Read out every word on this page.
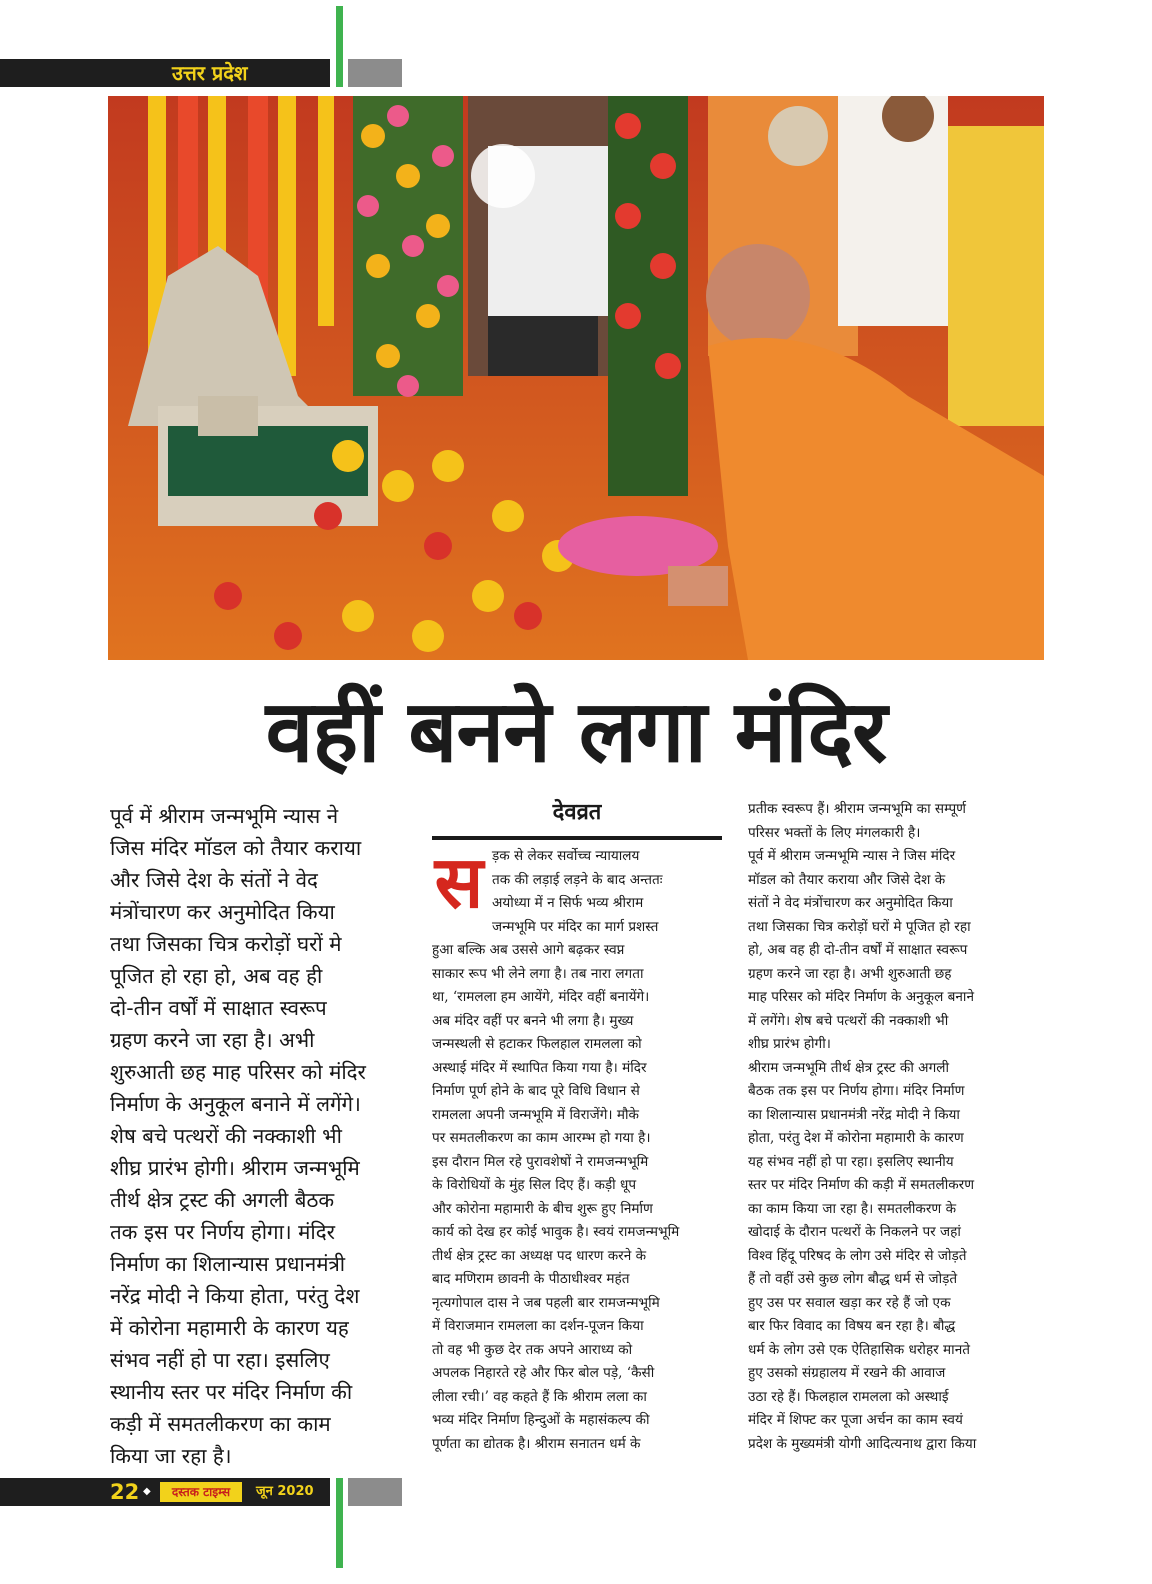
उत्तर प्रदेश
वहीं बनने लगा मंदिर
पूर्व में श्रीराम जन्मभूमि न्यास ने
जिस मंदिर मॉडल को तैयार कराया
और जिसे देश के संतों ने वेद
मंत्रोंचारण कर अनुमोदित किया
तथा जिसका चित्र करोड़ों घरों मे
पूजित हो रहा हो, अब वह ही
दो-तीन वर्षों में साक्षात स्वरूप
ग्रहण करने जा रहा है। अभी
शुरुआती छह माह परिसर को मंदिर
निर्माण के अनुकूल बनाने में लगेंगे।
शेष बचे पत्थरों की नक्काशी भी
शीघ्र प्रारंभ होगी। श्रीराम जन्मभूमि
तीर्थ क्षेत्र ट्रस्ट की अगली बैठक
तक इस पर निर्णय होगा। मंदिर
निर्माण का शिलान्यास प्रधानमंत्री
नरेंद्र मोदी ने किया होता, परंतु देश
में कोरोना महामारी के कारण यह
संभव नहीं हो पा रहा। इसलिए
स्थानीय स्तर पर मंदिर निर्माण की
कड़ी में समतलीकरण का काम
किया जा रहा है।
देवव्रत
स ड़क से लेकर सर्वोच्च न्यायालय
तक की लड़ाई लड़ने के बाद अन्ततः
अयोध्या में न सिर्फ भव्य श्रीराम
जन्मभूमि पर मंदिर का मार्ग प्रशस्त
हुआ बल्कि अब उससे आगे बढ़कर स्वप्न
साकार रूप भी लेने लगा है। तब नारा लगता
था, ‘रामलला हम आयेंगे, मंदिर वहीं बनायेंगे।
अब मंदिर वहीं पर बनने भी लगा है। मुख्य
जन्मस्थली से हटाकर फिलहाल रामलला को
अस्थाई मंदिर में स्थापित किया गया है। मंदिर
निर्माण पूर्ण होने के बाद पूरे विधि विधान से
रामलला अपनी जन्मभूमि में विराजेंगे। मौके
पर समतलीकरण का काम आरम्भ हो गया है।
इस दौरान मिल रहे पुरावशेषों ने रामजन्मभूमि
के विरोधियों के मुंह सिल दिए हैं। कड़ी धूप
और कोरोना महामारी के बीच शुरू हुए निर्माण
कार्य को देख हर कोई भावुक है। स्वयं रामजन्मभूमि
तीर्थ क्षेत्र ट्रस्ट का अध्यक्ष पद धारण करने के
बाद मणिराम छावनी के पीठाधीश्वर महंत
नृत्यगोपाल दास ने जब पहली बार रामजन्मभूमि
में विराजमान रामलला का दर्शन-पूजन किया
तो वह भी कुछ देर तक अपने आराध्य को
अपलक निहारते रहे और फिर बोल पड़े, ‘कैसी
लीला रची।’ वह कहते हैं कि श्रीराम लला का
भव्य मंदिर निर्माण हिन्दुओं के महासंकल्प की
पूर्णता का द्योतक है। श्रीराम सनातन धर्म के
प्रतीक स्वरूप हैं। श्रीराम जन्मभूमि का सम्पूर्ण
परिसर भक्तों के लिए मंगलकारी है।
पूर्व में श्रीराम जन्मभूमि न्यास ने जिस मंदिर
मॉडल को तैयार कराया और जिसे देश के
संतों ने वेद मंत्रोंचारण कर अनुमोदित किया
तथा जिसका चित्र करोड़ों घरों मे पूजित हो रहा
हो, अब वह ही दो-तीन वर्षों में साक्षात स्वरूप
ग्रहण करने जा रहा है। अभी शुरुआती छह
माह परिसर को मंदिर निर्माण के अनुकूल बनाने
में लगेंगे। शेष बचे पत्थरों की नक्काशी भी
शीघ्र प्रारंभ होगी।
श्रीराम जन्मभूमि तीर्थ क्षेत्र ट्रस्ट की अगली
बैठक तक इस पर निर्णय होगा। मंदिर निर्माण
का शिलान्यास प्रधानमंत्री नरेंद्र मोदी ने किया
होता, परंतु देश में कोरोना महामारी के कारण
यह संभव नहीं हो पा रहा। इसलिए स्थानीय
स्तर पर मंदिर निर्माण की कड़ी में समतलीकरण
का काम किया जा रहा है। समतलीकरण के
खोदाई के दौरान पत्थरों के निकलने पर जहां
विश्व हिंदू परिषद के लोग उसे मंदिर से जोड़ते
हैं तो वहीं उसे कुछ लोग बौद्ध धर्म से जोड़ते
हुए उस पर सवाल खड़ा कर रहे हैं जो एक
बार फिर विवाद का विषय बन रहा है। बौद्ध
धर्म के लोग उसे एक ऐतिहासिक धरोहर मानते
हुए उसको संग्रहालय में रखने की आवाज
उठा रहे हैं। फिलहाल रामलला को अस्थाई
मंदिर में शिफ्ट कर पूजा अर्चन का काम स्वयं
प्रदेश के मुख्यमंत्री योगी आदित्यनाथ द्वारा किया
22 ◆	दस्तक टाइम्स	जून 2020
